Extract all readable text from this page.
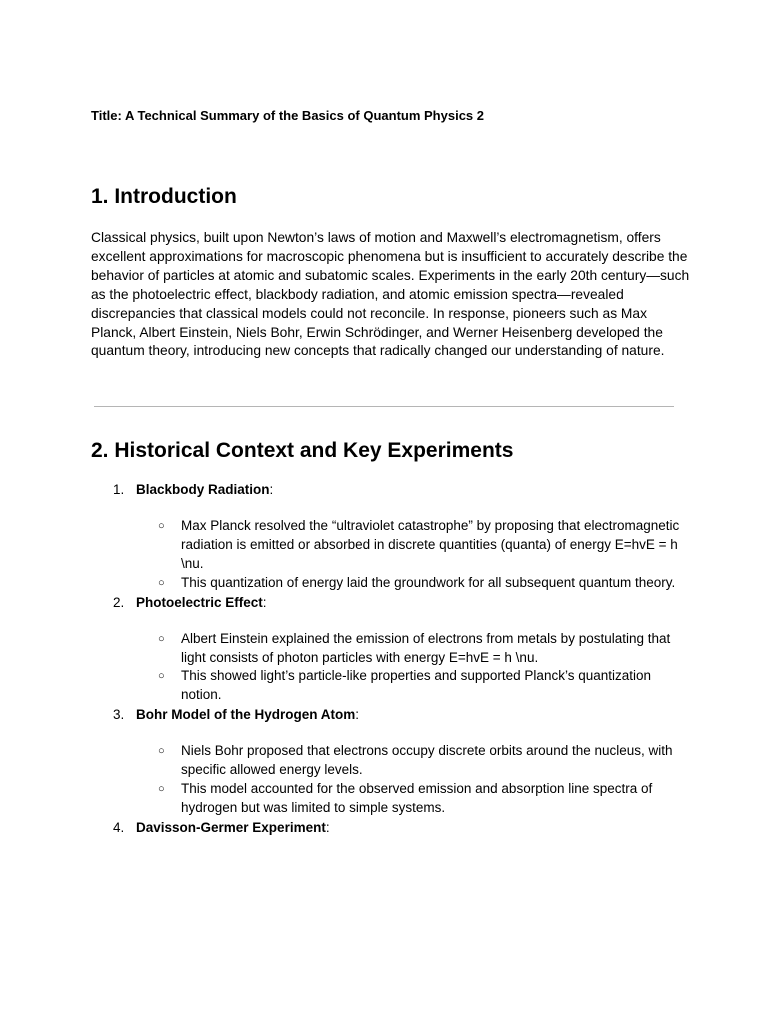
Title: A Technical Summary of the Basics of Quantum Physics 2
1. Introduction

Classical physics, built upon Newton’s laws of motion and Maxwell’s electromagnetism, offers excellent approximations for macroscopic phenomena but is insufficient to accurately describe the behavior of particles at atomic and subatomic scales. Experiments in the early 20th century—such as the photoelectric effect, blackbody radiation, and atomic emission spectra—revealed discrepancies that classical models could not reconcile. In response, pioneers such as Max Planck, Albert Einstein, Niels Bohr, Erwin Schrödinger, and Werner Heisenberg developed the quantum theory, introducing new concepts that radically changed our understanding of nature.

2. Historical Context and Key Experiments
1. Blackbody Radiation:
○ Max Planck resolved the “ultraviolet catastrophe” by proposing that electromagnetic radiation is emitted or absorbed in discrete quantities (quanta) of energy E=hvE = h \nu.
○ This quantization of energy laid the groundwork for all subsequent quantum theory.
2. Photoelectric Effect:
○ Albert Einstein explained the emission of electrons from metals by postulating that light consists of photon particles with energy E=hvE = h \nu.
○ This showed light’s particle-like properties and supported Planck’s quantization notion.
3. Bohr Model of the Hydrogen Atom:
○ Niels Bohr proposed that electrons occupy discrete orbits around the nucleus, with specific allowed energy levels.
○ This model accounted for the observed emission and absorption line spectra of hydrogen but was limited to simple systems.
4. Davisson-Germer Experiment:
